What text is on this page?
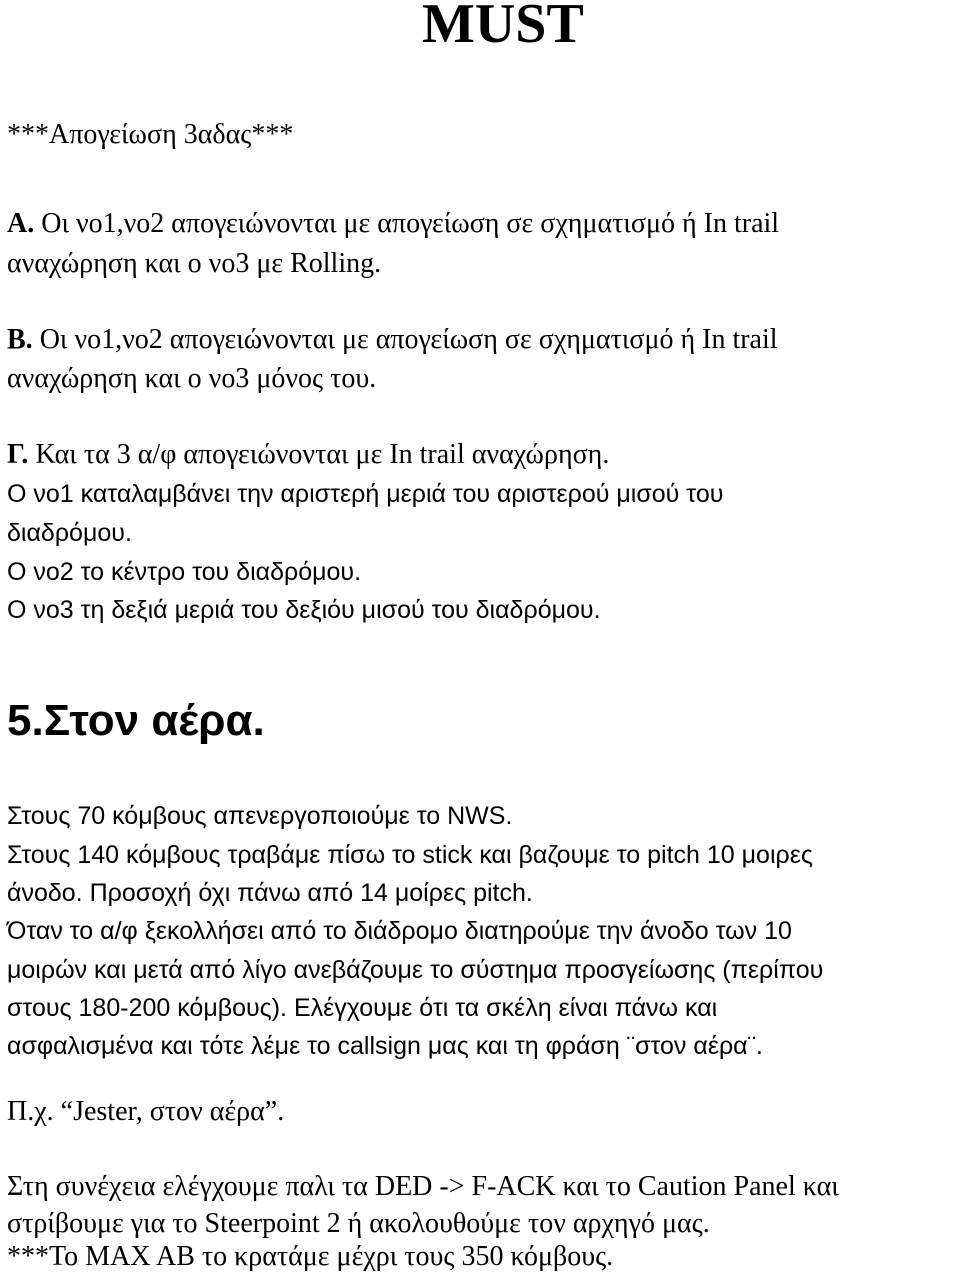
MUST
***Απογείωση 3αδας***
Α. Οι νο1,νο2 απογειώνονται με απογείωση σε σχηματισμό ή In trail
αναχώρηση και ο νο3 με Rolling.
Β. Οι νο1,νο2 απογειώνονται με απογείωση σε σχηματισμό ή In trail
αναχώρηση και ο νο3 μόνος του.
Γ. Και τα 3 α/φ απογειώνονται με In trail αναχώρηση.
Ο νο1 καταλαμβάνει την αριστερή μεριά του αριστερού μισού του
διαδρόμου.
Ο νο2 το κέντρο του διαδρόμου.
Ο νο3 τη δεξιά μεριά του δεξιόυ μισού του διαδρόμου.
5.Στον αέρα.
Στους 70 κόμβους απενεργοποιούμε το NWS.
Στους 140 κόμβους τραβάμε πίσω το stick και βαζουμε το pitch 10 μοιρες
άνοδο. Προσοχή όχι πάνω από 14 μοίρες pitch.
Όταν το α/φ ξεκολλήσει από το διάδρομο διατηρούμε την άνοδο των 10
μοιρών και μετά από λίγο ανεβάζουμε το σύστημα προσγείωσης (περίπου
στους 180-200 κόμβους). Ελέγχουμε ότι τα σκέλη είναι πάνω και
ασφαλισμένα και τότε λέμε το callsign μας και τη φράση ¨στον αέρα¨.
Π.χ. “Jester, στον αέρα”.
Στη συνέχεια ελέγχουμε παλι τα DED -> F-ACK και το Caution Panel και
στρίβουμε για το Steerpoint 2 ή ακολουθούμε τον αρχηγό μας.
***Το MAX AB το κρατάμε μέχρι τους 350 κόμβους.
